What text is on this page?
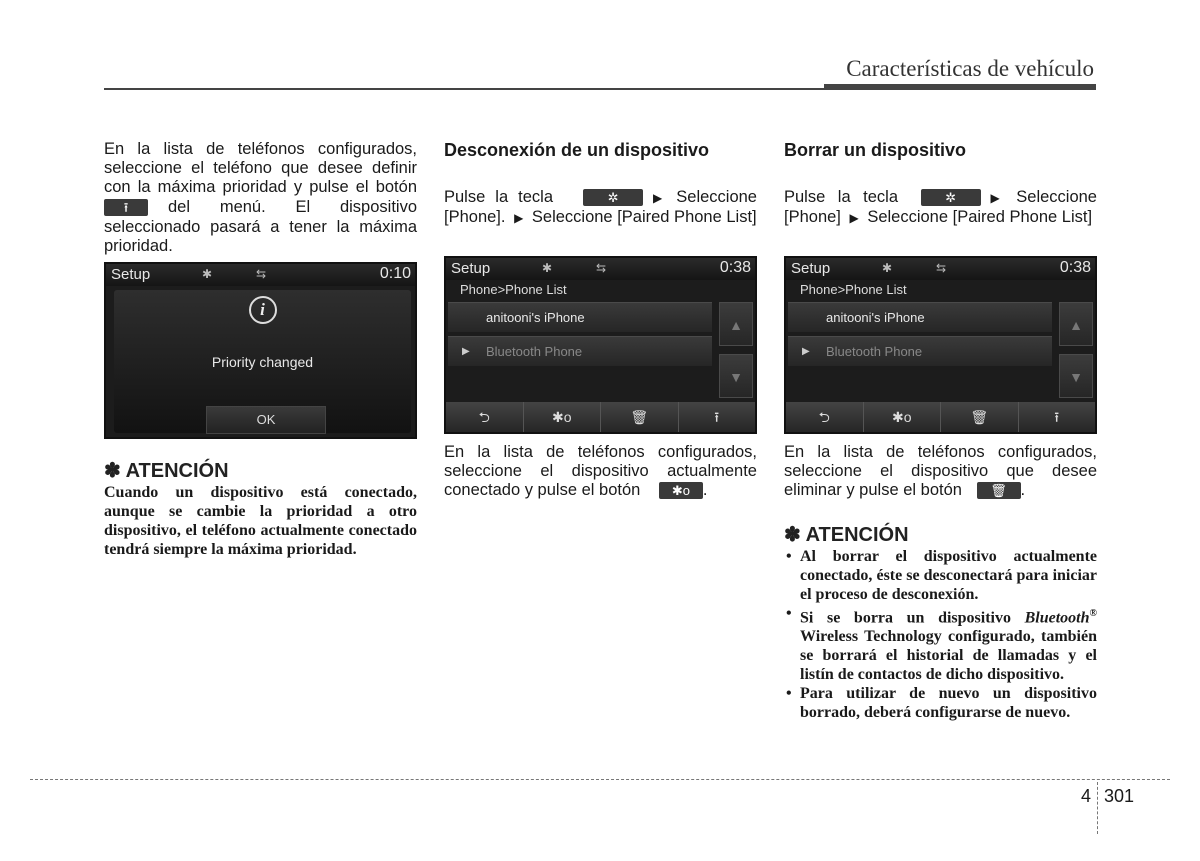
Características de vehículo

En la lista de teléfonos configurados, seleccione el teléfono que desee definir con la máxima prioridad y pulse el botón ⭱ del menú. El dispositivo seleccionado pasará a tener la máxima prioridad.

Setup	✱	⇆	0:10
i
Priority changed
OK

✽ ATENCIÓN

Cuando un dispositivo está conectado, aunque se cambie la prioridad a otro dispositivo, el teléfono actualmente conectado tendrá siempre la máxima prioridad.

Desconexión de un dispositivo

Pulse la tecla	✲	▶ Seleccione [Phone]. ▶ Seleccione [Paired Phone List]

Setup	✱	⇆	0:38
Phone>Phone List
anitooni's iPhone
▶ Bluetooth Phone
▲
▼
⮌	✱o	🗑	⭱

En la lista de teléfonos configurados, seleccione el dispositivo actualmente conectado y pulse el botón ✱o .

Borrar un dispositivo

Pulse la tecla	✲	▶ Seleccione [Phone] ▶ Seleccione [Paired Phone List]

Setup	✱	⇆	0:38
Phone>Phone List
anitooni's iPhone
▶ Bluetooth Phone
▲
▼
⮌	✱o	🗑	⭱

En la lista de teléfonos configurados, seleccione el dispositivo que desee eliminar y pulse el botón 🗑 .

✽ ATENCIÓN

• Al borrar el dispositivo actualmente conectado, éste se desconectará para iniciar el proceso de desconexión.
• Si se borra un dispositivo Bluetooth® Wireless Technology configurado, también se borrará el historial de llamadas y el listín de contactos de dicho dispositivo.
• Para utilizar de nuevo un dispositivo borrado, deberá configurarse de nuevo.
4 301
